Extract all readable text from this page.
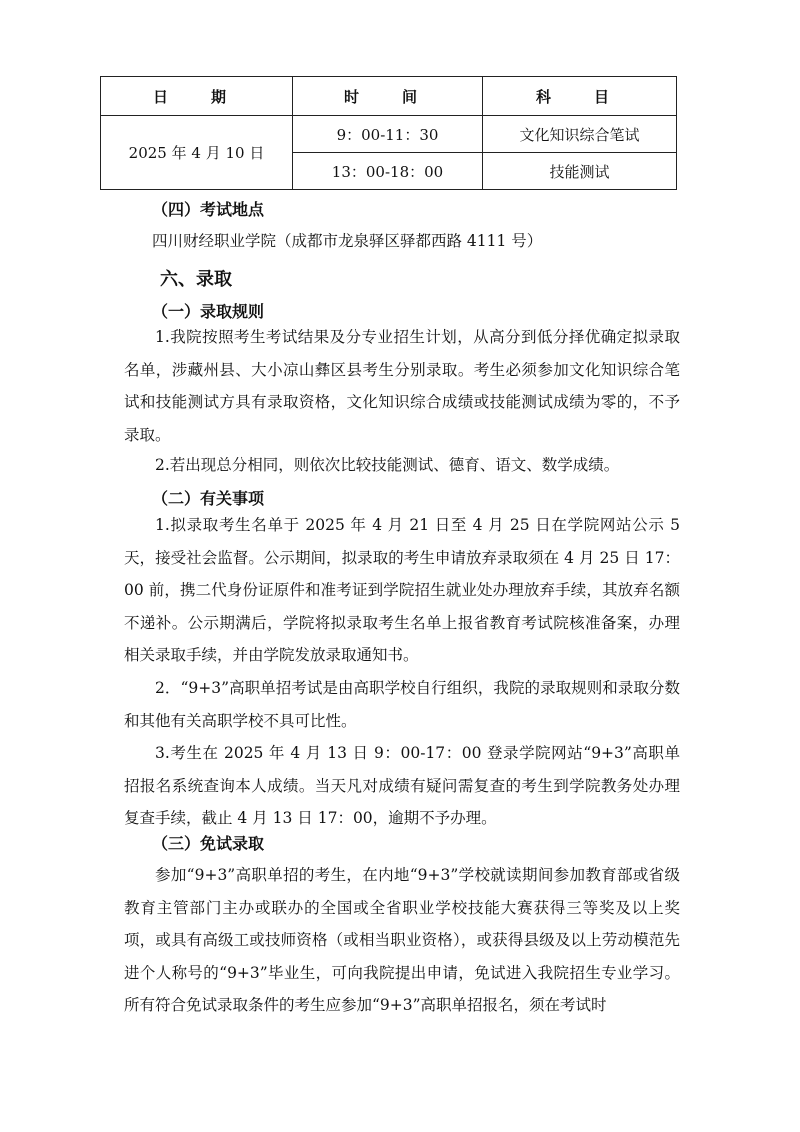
日　期	时　间	科　目
2025 年 4 月 10 日	9：00-11：30	文化知识综合笔试
	13：00-18：00	技能测试
（四）考试地点
四川财经职业学院（成都市龙泉驿区驿都西路 4111 号）
六、录取
（一）录取规则

1.我院按照考生考试结果及分专业招生计划，从高分到低分择优确定拟录取名单，涉藏州县、大小凉山彝区县考生分别录取。考生必须参加文化知识综合笔试和技能测试方具有录取资格，文化知识综合成绩或技能测试成绩为零的，不予录取。

2.若出现总分相同，则依次比较技能测试、德育、语文、数学成绩。

（二）有关事项

1.拟录取考生名单于 2025 年 4 月 21 日至 4 月 25 日在学院网站公示 5 天，接受社会监督。公示期间，拟录取的考生申请放弃录取须在 4 月 25 日 17：00 前，携二代身份证原件和准考证到学院招生就业处办理放弃手续，其放弃名额不递补。公示期满后，学院将拟录取考生名单上报省教育考试院核准备案，办理相关录取手续，并由学院发放录取通知书。

2．“9+3”高职单招考试是由高职学校自行组织，我院的录取规则和录取分数和其他有关高职学校不具可比性。

3.考生在 2025 年 4 月 13 日 9：00-17：00 登录学院网站“9+3”高职单招报名系统查询本人成绩。当天凡对成绩有疑问需复查的考生到学院教务处办理复查手续，截止 4 月 13 日 17：00，逾期不予办理。

（三）免试录取

参加“9+3”高职单招的考生，在内地“9+3”学校就读期间参加教育部或省级教育主管部门主办或联办的全国或全省职业学校技能大赛获得三等奖及以上奖项，或具有高级工或技师资格（或相当职业资格），或获得县级及以上劳动模范先进个人称号的“9+3”毕业生，可向我院提出申请，免试进入我院招生专业学习。所有符合免试录取条件的考生应参加“9+3”高职单招报名，须在考试时
